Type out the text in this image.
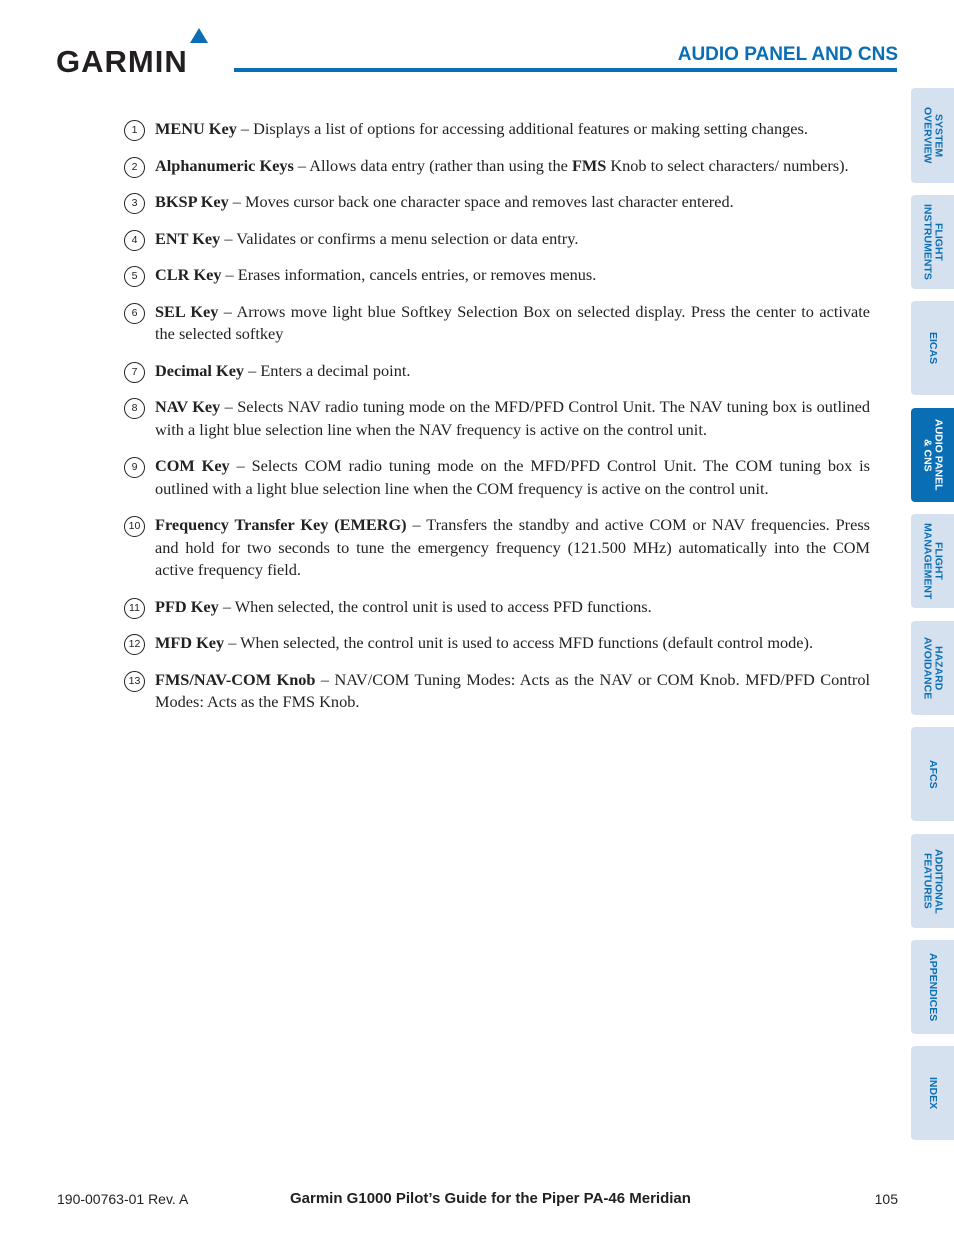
GARMIN	AUDIO PANEL AND CNS
1	MENU Key – Displays a list of options for accessing additional features or making setting changes.
2	Alphanumeric Keys – Allows data entry (rather than using the FMS Knob to select characters/ numbers).
3	BKSP Key – Moves cursor back one character space and removes last character entered.
4	ENT Key – Validates or confirms a menu selection or data entry.
5	CLR Key – Erases information, cancels entries, or removes menus.
6	SEL Key – Arrows move light blue Softkey Selection Box on selected display. Press the center to activate the selected softkey
7	Decimal Key – Enters a decimal point.
8	NAV Key – Selects NAV radio tuning mode on the MFD/PFD Control Unit. The NAV tuning box is outlined with a light blue selection line when the NAV frequency is active on the control unit.
9	COM Key – Selects COM radio tuning mode on the MFD/PFD Control Unit. The COM tuning box is outlined with a light blue selection line when the COM frequency is active on the control unit.
10 Frequency Transfer Key (EMERG) – Transfers the standby and active COM or NAV frequencies. Press and hold for two seconds to tune the emergency frequency (121.500 MHz) automatically into the COM active frequency field.
11 PFD Key – When selected, the control unit is used to access PFD functions.
12 MFD Key – When selected, the control unit is used to access MFD functions (default control mode).
13 FMS/NAV-COM Knob – NAV/COM Tuning Modes: Acts as the NAV or COM Knob. MFD/PFD Control Modes: Acts as the FMS Knob.
SYSTEM
OVERVIEW
FLIGHT
INSTRUMENTS
EICAS
AUDIO PANEL
& CNS
FLIGHT
MANAGEMENT
HAZARD
AVOIDANCE
AFCS
ADDITIONAL
FEATURES
APPENDICES
INDEX
190-00763-01 Rev. A	Garmin G1000 Pilot’s Guide for the Piper PA-46 Meridian	105
